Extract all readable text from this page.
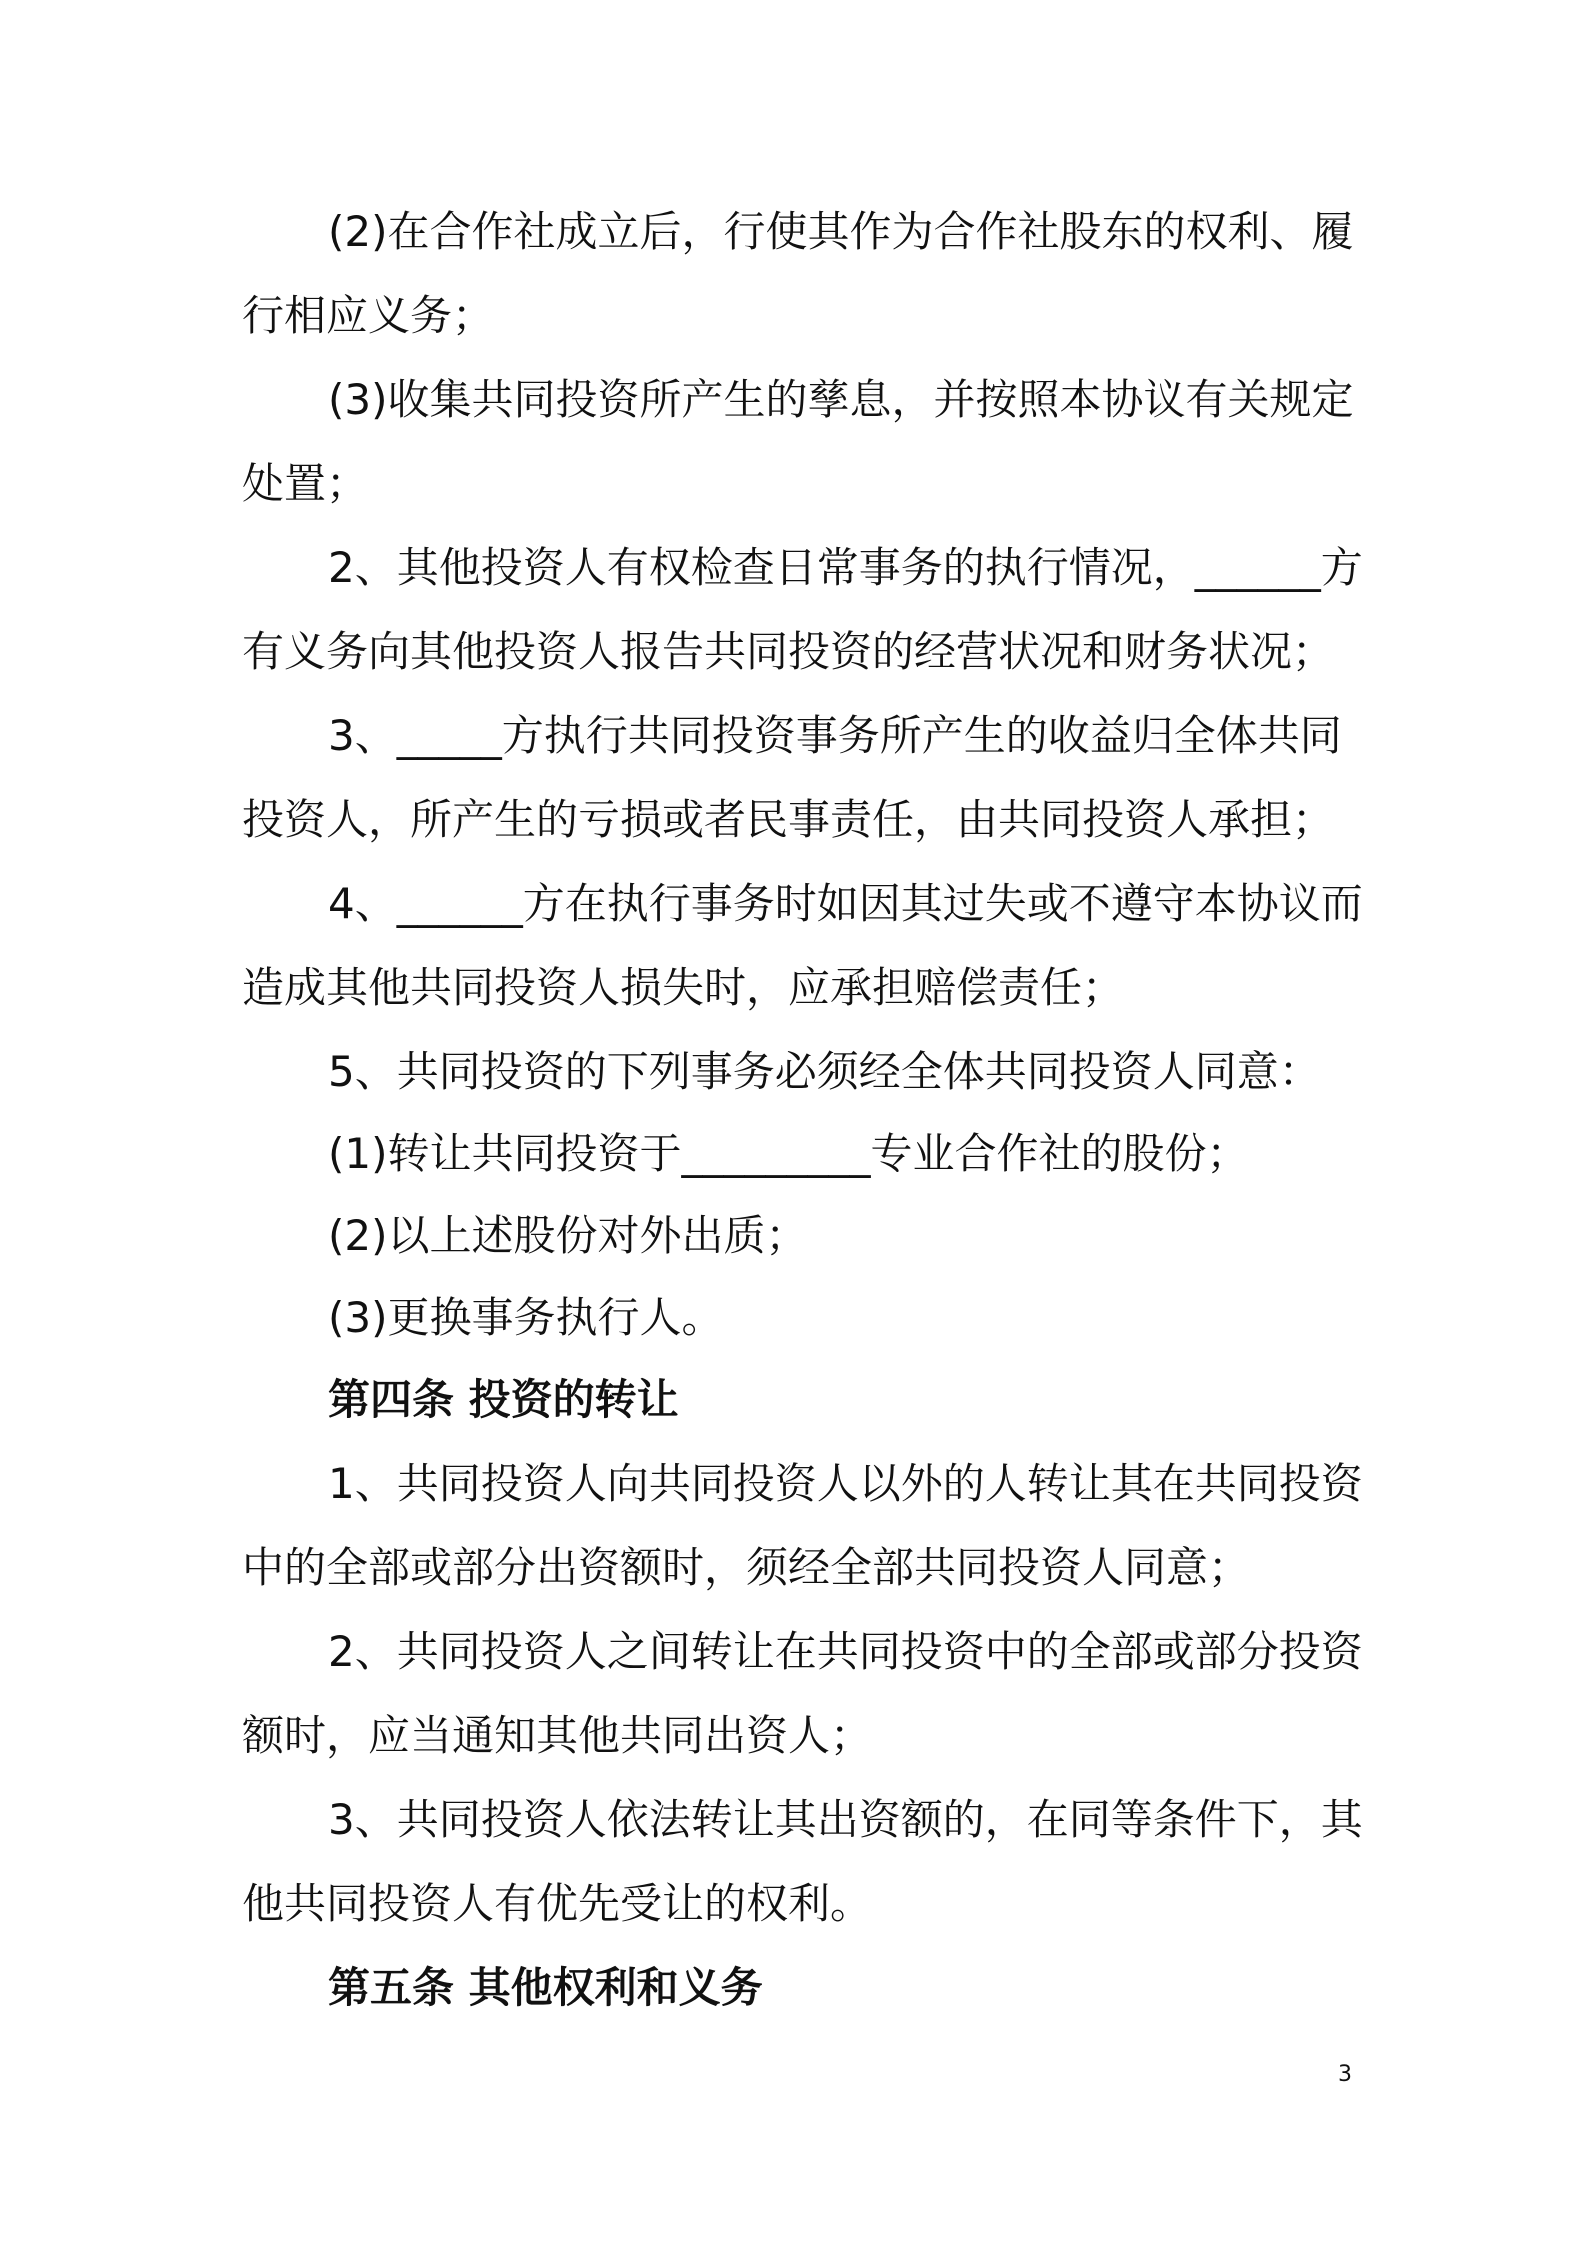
(2)在合作社成立后，行使其作为合作社股东的权利、履行相应义务；

(3)收集共同投资所产生的孳息，并按照本协议有关规定处置；

2、其他投资人有权检查日常事务的执行情况，______方有义务向其他投资人报告共同投资的经营状况和财务状况；

3、_____方执行共同投资事务所产生的收益归全体共同投资人，所产生的亏损或者民事责任，由共同投资人承担；

4、______方在执行事务时如因其过失或不遵守本协议而造成其他共同投资人损失时，应承担赔偿责任；

5、共同投资的下列事务必须经全体共同投资人同意：

(1)转让共同投资于_________专业合作社的股份；

(2)以上述股份对外出质；

(3)更换事务执行人。

第四条 投资的转让

1、共同投资人向共同投资人以外的人转让其在共同投资中的全部或部分出资额时，须经全部共同投资人同意；

2、共同投资人之间转让在共同投资中的全部或部分投资额时，应当通知其他共同出资人；

3、共同投资人依法转让其出资额的，在同等条件下，其他共同投资人有优先受让的权利。

第五条 其他权利和义务

3
